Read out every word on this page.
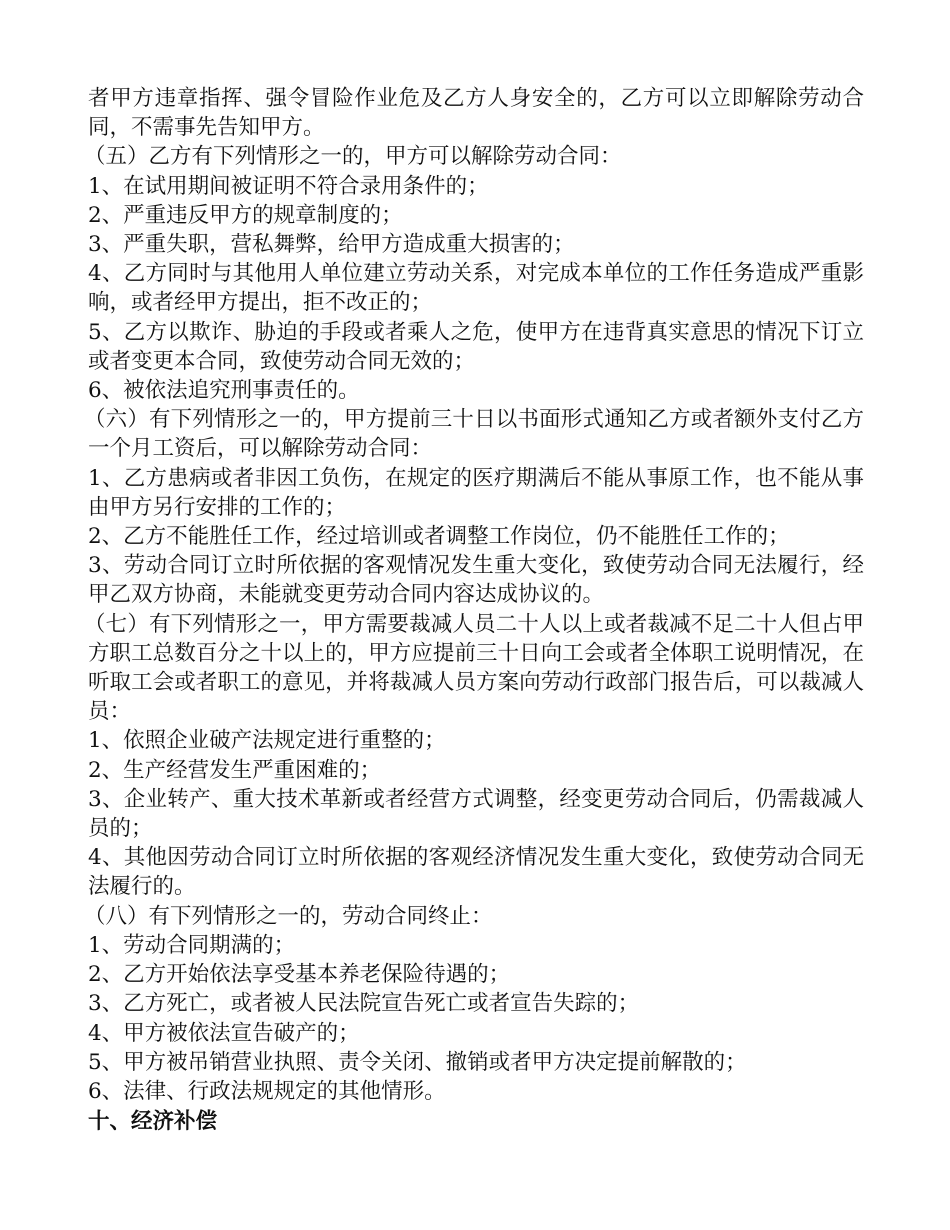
者甲方违章指挥、强令冒险作业危及乙方人身安全的，乙方可以立即解除劳动合同，不需事先告知甲方。

（五）乙方有下列情形之一的，甲方可以解除劳动合同：

1、在试用期间被证明不符合录用条件的；

2、严重违反甲方的规章制度的；

3、严重失职，营私舞弊，给甲方造成重大损害的；

4、乙方同时与其他用人单位建立劳动关系，对完成本单位的工作任务造成严重影响，或者经甲方提出，拒不改正的；

5、乙方以欺诈、胁迫的手段或者乘人之危，使甲方在违背真实意思的情况下订立或者变更本合同，致使劳动合同无效的；

6、被依法追究刑事责任的。

（六）有下列情形之一的，甲方提前三十日以书面形式通知乙方或者额外支付乙方一个月工资后，可以解除劳动合同：

1、乙方患病或者非因工负伤，在规定的医疗期满后不能从事原工作，也不能从事由甲方另行安排的工作的；

2、乙方不能胜任工作，经过培训或者调整工作岗位，仍不能胜任工作的；

3、劳动合同订立时所依据的客观情况发生重大变化，致使劳动合同无法履行，经甲乙双方协商，未能就变更劳动合同内容达成协议的。

（七）有下列情形之一，甲方需要裁减人员二十人以上或者裁减不足二十人但占甲方职工总数百分之十以上的，甲方应提前三十日向工会或者全体职工说明情况，在听取工会或者职工的意见，并将裁减人员方案向劳动行政部门报告后，可以裁减人员：

1、依照企业破产法规定进行重整的；

2、生产经营发生严重困难的；

3、企业转产、重大技术革新或者经营方式调整，经变更劳动合同后，仍需裁减人员的；

4、其他因劳动合同订立时所依据的客观经济情况发生重大变化，致使劳动合同无法履行的。

（八）有下列情形之一的，劳动合同终止：

1、劳动合同期满的；

2、乙方开始依法享受基本养老保险待遇的；

3、乙方死亡，或者被人民法院宣告死亡或者宣告失踪的；

4、甲方被依法宣告破产的；

5、甲方被吊销营业执照、责令关闭、撤销或者甲方决定提前解散的；

6、法律、行政法规规定的其他情形。

十、经济补偿
